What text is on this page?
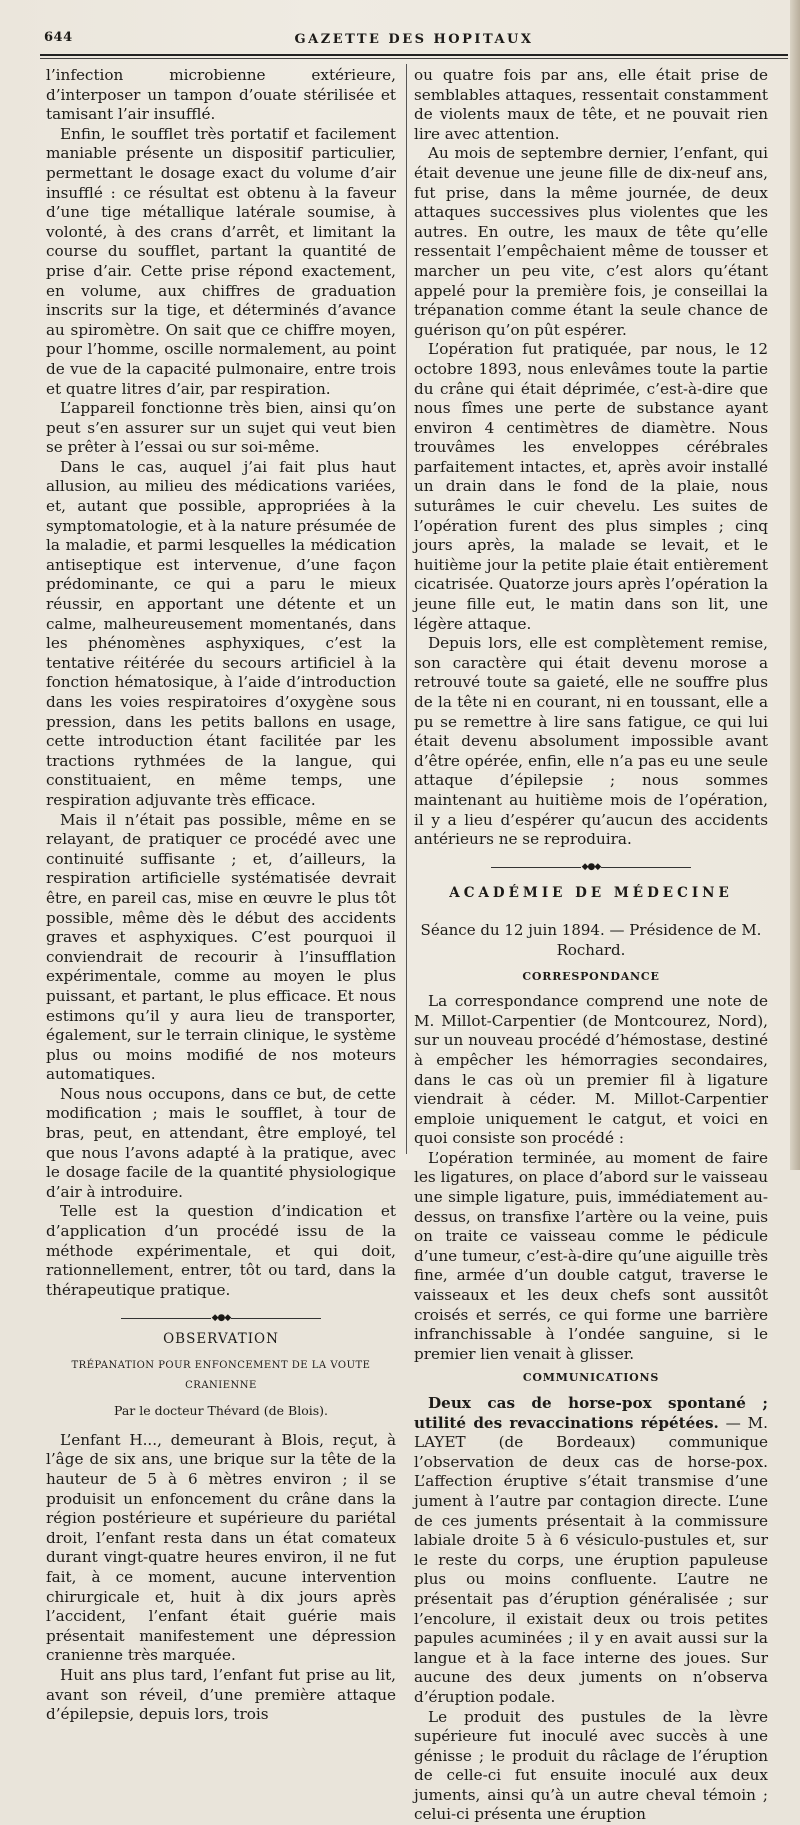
644	GAZETTE DES HOPITAUX

l’infection microbienne extérieure, d’interposer un tampon d’ouate stérilisée et tamisant l’air insufflé.

Enfin, le soufflet très portatif et facilement maniable présente un dispositif particulier, permettant le dosage exact du volume d’air insufflé : ce résultat est obtenu à la faveur d’une tige métallique latérale soumise, à volonté, à des crans d’arrêt, et limitant la course du soufflet, partant la quantité de prise d’air. Cette prise répond exactement, en volume, aux chiffres de graduation inscrits sur la tige, et déterminés d’avance au spiromètre. On sait que ce chiffre moyen, pour l’homme, oscille normalement, au point de vue de la capacité pulmonaire, entre trois et quatre litres d’air, par respiration.

L’appareil fonctionne très bien, ainsi qu’on peut s’en assurer sur un sujet qui veut bien se prêter à l’essai ou sur soi-même.

Dans le cas, auquel j’ai fait plus haut allusion, au milieu des médications variées, et, autant que possible, appropriées à la symptomatologie, et à la nature présumée de la maladie, et parmi lesquelles la médication antiseptique est intervenue, d’une façon prédominante, ce qui a paru le mieux réussir, en apportant une détente et un calme, malheureusement momentanés, dans les phénomènes asphyxiques, c’est la tentative réitérée du secours artificiel à la fonction hématosique, à l’aide d’introduction dans les voies respiratoires d’oxygène sous pression, dans les petits ballons en usage, cette introduction étant facilitée par les tractions rythmées de la langue, qui constituaient, en même temps, une respiration adjuvante très efficace.

Mais il n’était pas possible, même en se relayant, de pratiquer ce procédé avec une continuité suffisante ; et, d’ailleurs, la respiration artificielle systématisée devrait être, en pareil cas, mise en œuvre le plus tôt possible, même dès le début des accidents graves et asphyxiques. C’est pourquoi il conviendrait de recourir à l’insufflation expérimentale, comme au moyen le plus puissant, et partant, le plus efficace. Et nous estimons qu’il y aura lieu de transporter, également, sur le terrain clinique, le système plus ou moins modifié de nos moteurs automatiques.

Nous nous occupons, dans ce but, de cette modification ; mais le soufflet, à tour de bras, peut, en attendant, être employé, tel que nous l’avons adapté à la pratique, avec le dosage facile de la quantité physiologique d’air à introduire.

Telle est la question d’indication et d’application d’un procédé issu de la méthode expérimentale, et qui doit, rationnellement, entrer, tôt ou tard, dans la thérapeutique pratique.

◆●◆
OBSERVATION
TRÉPANATION POUR ENFONCEMENT DE LA VOUTE CRANIENNE
Par le docteur Thévard (de Blois).

L’enfant H..., demeurant à Blois, reçut, à l’âge de six ans, une brique sur la tête de la hauteur de 5 à 6 mètres environ ; il se produisit un enfoncement du crâne dans la région postérieure et supérieure du pariétal droit, l’enfant resta dans un état comateux durant vingt-quatre heures environ, il ne fut fait, à ce moment, aucune intervention chirurgicale et, huit à dix jours après l’accident, l’enfant était guérie mais présentait manifestement une dépression cranienne très marquée.

Huit ans plus tard, l’enfant fut prise au lit, avant son réveil, d’une première attaque d’épilepsie, depuis lors, trois

ou quatre fois par ans, elle était prise de semblables attaques, ressentait constamment de violents maux de tête, et ne pouvait rien lire avec attention.

Au mois de septembre dernier, l’enfant, qui était devenue une jeune fille de dix-neuf ans, fut prise, dans la même journée, de deux attaques successives plus violentes que les autres. En outre, les maux de tête qu’elle ressentait l’empêchaient même de tousser et marcher un peu vite, c’est alors qu’étant appelé pour la première fois, je conseillai la trépanation comme étant la seule chance de guérison qu’on pût espérer.

L’opération fut pratiquée, par nous, le 12 octobre 1893, nous enlevâmes toute la partie du crâne qui était déprimée, c’est-à-dire que nous fîmes une perte de substance ayant environ 4 centimètres de diamètre. Nous trouvâmes les enveloppes cérébrales parfaitement intactes, et, après avoir installé un drain dans le fond de la plaie, nous suturâmes le cuir chevelu. Les suites de l’opération furent des plus simples ; cinq jours après, la malade se levait, et le huitième jour la petite plaie était entièrement cicatrisée. Quatorze jours après l’opération la jeune fille eut, le matin dans son lit, une légère attaque.

Depuis lors, elle est complètement remise, son caractère qui était devenu morose a retrouvé toute sa gaieté, elle ne souffre plus de la tête ni en courant, ni en toussant, elle a pu se remettre à lire sans fatigue, ce qui lui était devenu absolument impossible avant d’être opérée, enfin, elle n’a pas eu une seule attaque d’épilepsie ; nous sommes maintenant au huitième mois de l’opération, il y a lieu d’espérer qu’aucun des accidents antérieurs ne se reproduira.

◆●◆
ACADÉMIE DE MÉDECINE
Séance du 12 juin 1894. — Présidence de M. Rochard.
CORRESPONDANCE

La correspondance comprend une note de M. Millot-Carpentier (de Montcourez, Nord), sur un nouveau procédé d’hémostase, destiné à empêcher les hémorragies secondaires, dans le cas où un premier fil à ligature viendrait à céder. M. Millot-Carpentier emploie uniquement le catgut, et voici en quoi consiste son procédé :

L’opération terminée, au moment de faire les ligatures, on place d’abord sur le vaisseau une simple ligature, puis, immédiatement au-dessus, on transfixe l’artère ou la veine, puis on traite ce vaisseau comme le pédicule d’une tumeur, c’est-à-dire qu’une aiguille très fine, armée d’un double catgut, traverse le vaisseaux et les deux chefs sont aussitôt croisés et serrés, ce qui forme une barrière infranchissable à l’ondée sanguine, si le premier lien venait à glisser.

COMMUNICATIONS

Deux cas de horse-pox spontané ; utilité des revaccinations répétées. — M. LAYET (de Bordeaux) communique l’observation de deux cas de horse-pox. L’affection éruptive s’était transmise d’une jument à l’autre par contagion directe. L’une de ces juments présentait à la commissure labiale droite 5 à 6 vésiculo-pustules et, sur le reste du corps, une éruption papuleuse plus ou moins confluente. L’autre ne présentait pas d’éruption généralisée ; sur l’encolure, il existait deux ou trois petites papules acuminées ; il y en avait aussi sur la langue et à la face interne des joues. Sur aucune des deux juments on n’observa d’éruption podale.

Le produit des pustules de la lèvre supérieure fut inoculé avec succès à une génisse ; le produit du râclage de l’éruption de celle-ci fut ensuite inoculé aux deux juments, ainsi qu’à un autre cheval témoin ; celui-ci présenta une éruption
